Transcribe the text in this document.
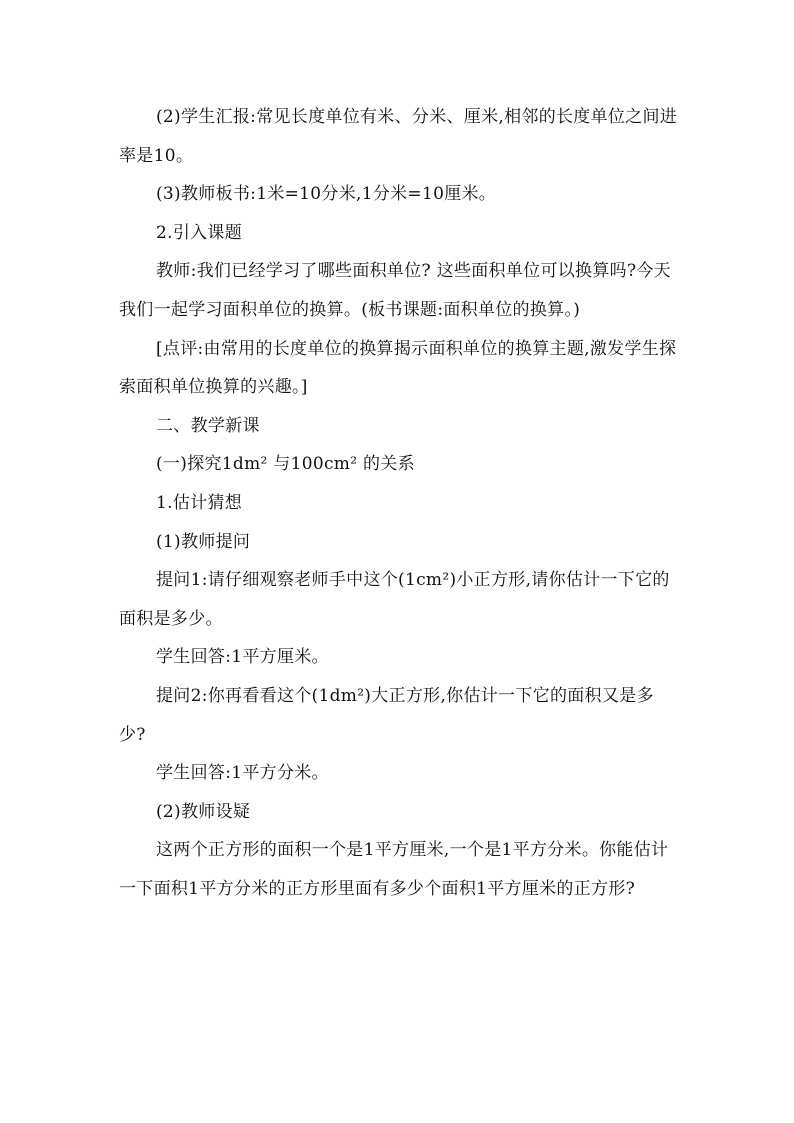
(2)学生汇报:常见长度单位有米、分米、厘米,相邻的长度单位之间进率是10。

(3)教师板书:1米=10分米,1分米=10厘米。

2.引入课题

教师:我们已经学习了哪些面积单位? 这些面积单位可以换算吗?今天我们一起学习面积单位的换算。(板书课题:面积单位的换算。)

[点评:由常用的长度单位的换算揭示面积单位的换算主题,激发学生探索面积单位换算的兴趣。]

二、教学新课

(一)探究1dm² 与100cm² 的关系

1.估计猜想

(1)教师提问

提问1:请仔细观察老师手中这个(1cm²)小正方形,请你估计一下它的面积是多少。

学生回答:1平方厘米。

提问2:你再看看这个(1dm²)大正方形,你估计一下它的面积又是多少?

学生回答:1平方分米。

(2)教师设疑

这两个正方形的面积一个是1平方厘米,一个是1平方分米。你能估计一下面积1平方分米的正方形里面有多少个面积1平方厘米的正方形?
